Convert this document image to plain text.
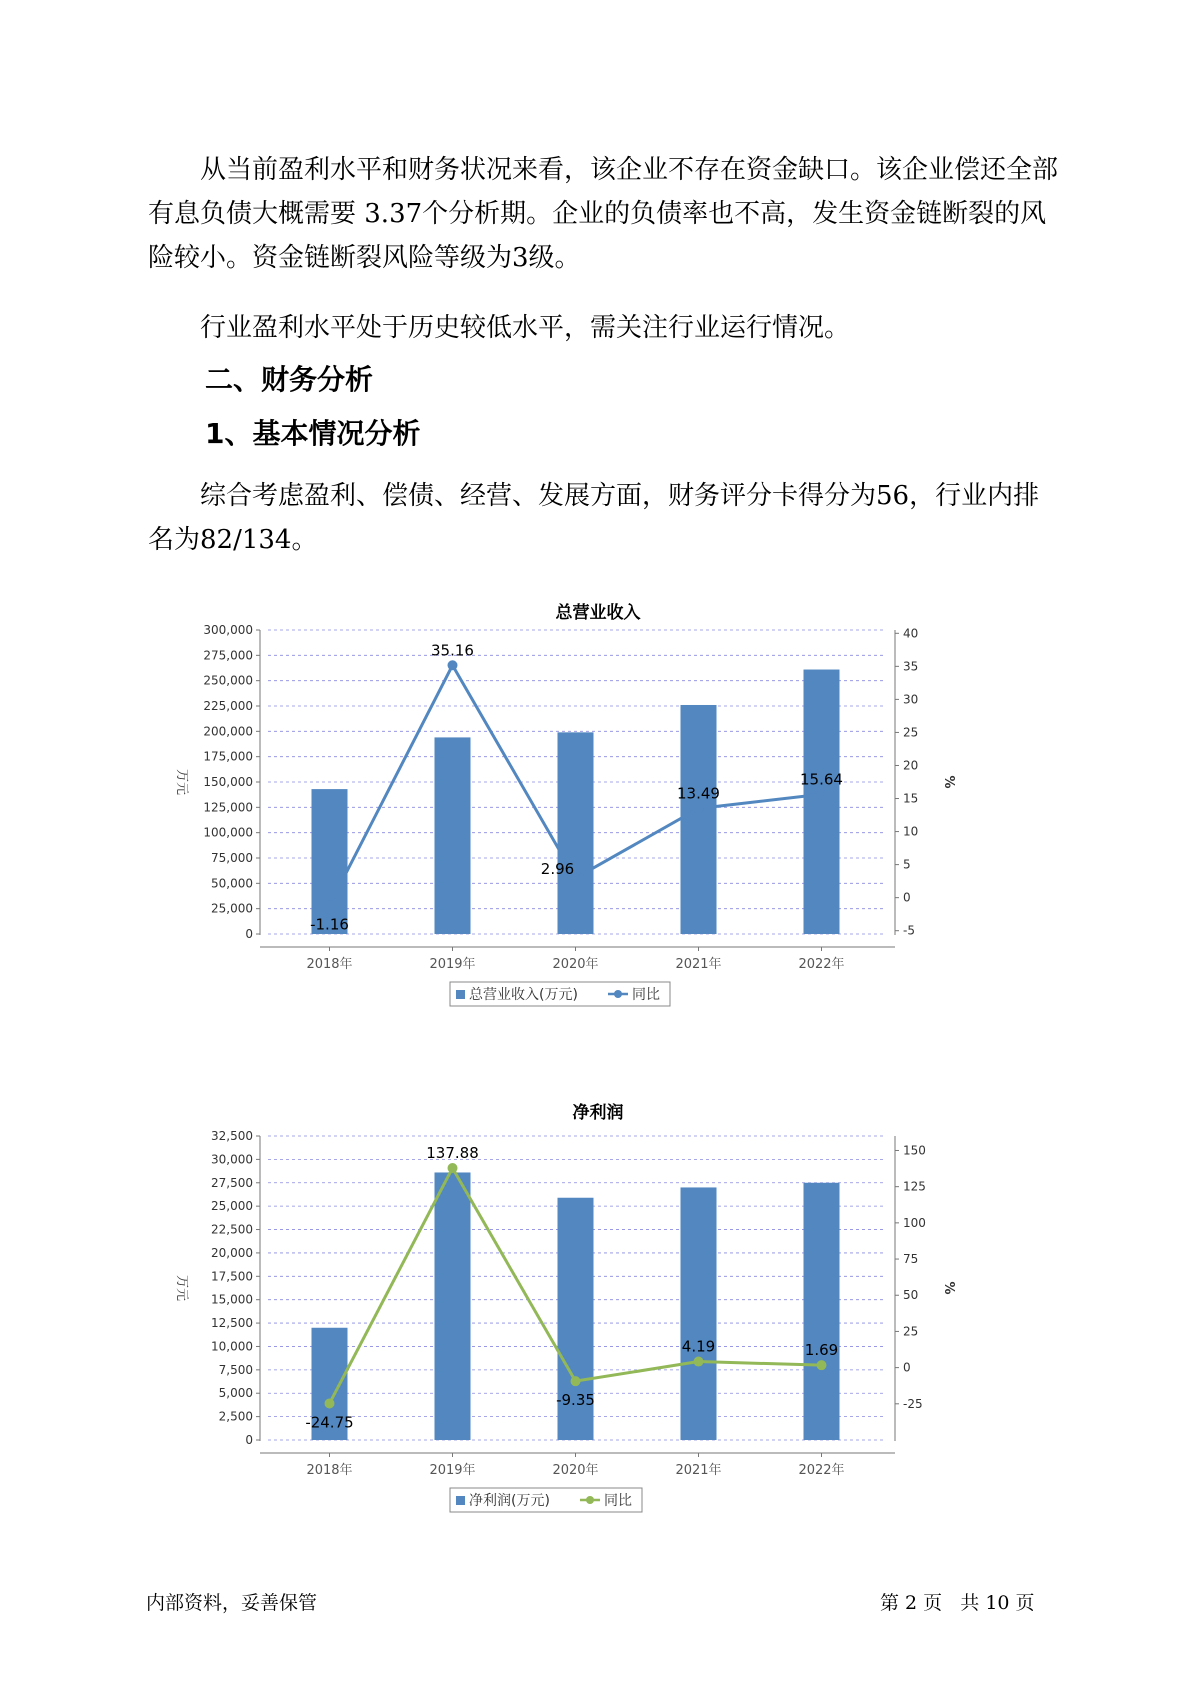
从当前盈利水平和财务状况来看，该企业不存在资金缺口。该企业偿还全部有息负债大概需要 3.37个分析期。企业的负债率也不高，发生资金链断裂的风险较小。资金链断裂风险等级为3级。

行业盈利水平处于历史较低水平，需关注行业运行情况。

二、财务分析
1、基本情况分析

综合考虑盈利、偿债、经营、发展方面，财务评分卡得分为56，行业内排名为82/134。

总营业收入
0
25,000
50,000
75,000
100,000
125,000
150,000
175,000
200,000
225,000
250,000
275,000
300,000
-5
0
5
10
15
20
25
30
35
40
万元	%
2018年	2019年	2020年	2021年	2022年
-1.16
35.16
2.96
13.49
15.64
总营业收入(万元)	同比
净利润
0
2,500
5,000
7,500
10,000
12,500
15,000
17,500
20,000
22,500
25,000
27,500
30,000
32,500
-25
0
25
50
75
100
125
150
万元	%
2018年	2019年	2020年	2021年	2022年
-24.75
137.88
-9.35
4.19	1.69
净利润(万元)	同比
内部资料，妥善保管	第 2 页   共 10 页
